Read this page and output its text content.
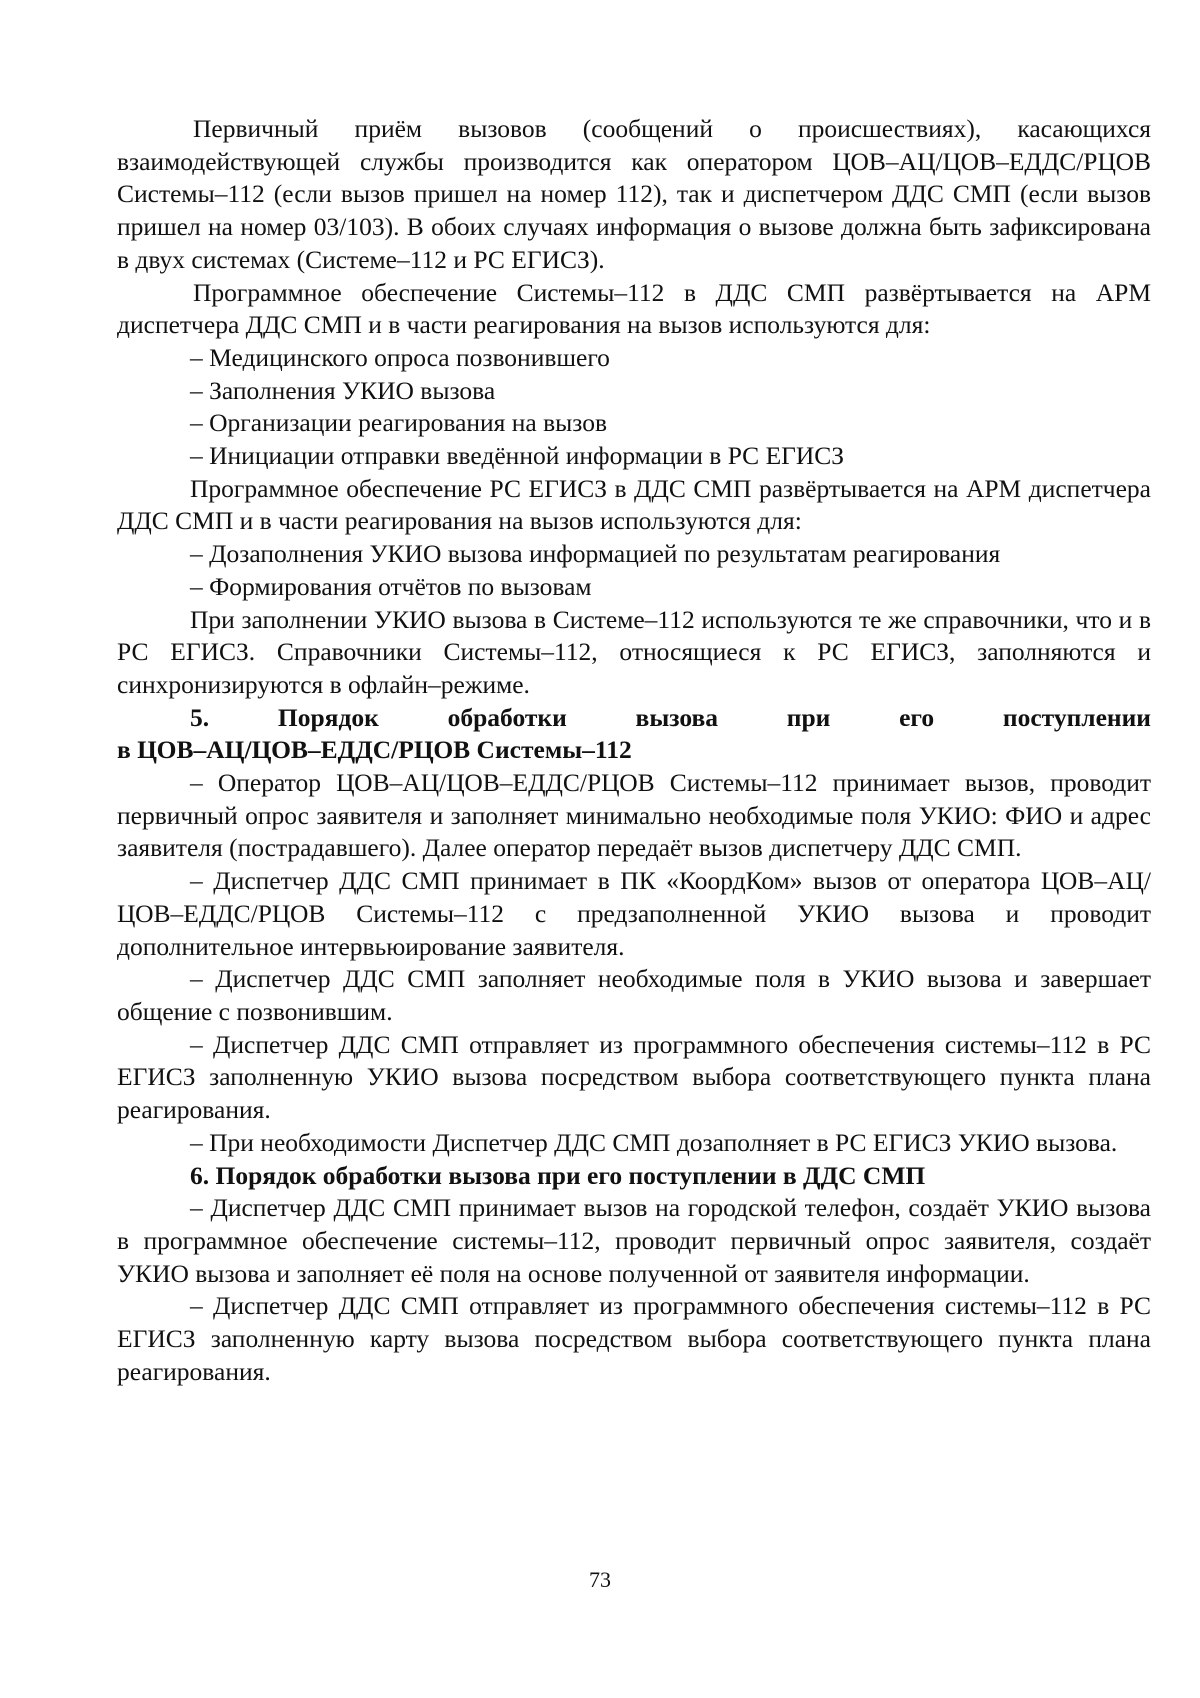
Первичный приём вызовов (сообщений о происшествиях), касающихся взаимодействующей службы производится как оператором ЦОВ–АЦ/ЦОВ–ЕДДС/РЦОВ Системы–112 (если вызов пришел на номер 112), так и диспетчером ДДС СМП (если вызов пришел на номер 03/103). В обоих случаях информация о вызове должна быть зафиксирована в двух системах (Системе–112 и РС ЕГИСЗ).

Программное обеспечение Системы–112 в ДДС СМП развёртывается на АРМ диспетчера ДДС СМП и в части реагирования на вызов используются для:

– Медицинского опроса позвонившего

– Заполнения УКИО вызова

– Организации реагирования на вызов

– Инициации отправки введённой информации в РС ЕГИСЗ

Программное обеспечение РС ЕГИСЗ в ДДС СМП развёртывается на АРМ диспетчера ДДС СМП и в части реагирования на вызов используются для:

– Дозаполнения УКИО вызова информацией по результатам реагирования

– Формирования отчётов по вызовам

При заполнении УКИО вызова в Системе–112 используются те же справочники, что и в РС ЕГИСЗ. Справочники Системы–112, относящиеся к РС ЕГИСЗ, заполняются и синхронизируются в офлайн–режиме.

5. Порядок обработки вызова при его поступлении

в ЦОВ–АЦ/ЦОВ–ЕДДС/РЦОВ Системы–112

– Оператор ЦОВ–АЦ/ЦОВ–ЕДДС/РЦОВ Системы–112 принимает вызов, проводит первичный опрос заявителя и заполняет минимально необходимые поля УКИО: ФИО и адрес заявителя (пострадавшего). Далее оператор передаёт вызов диспетчеру ДДС СМП.

– Диспетчер ДДС СМП принимает в ПК «КоордКом» вызов от оператора ЦОВ–АЦ/ЦОВ–ЕДДС/РЦОВ Системы–112 с предзаполненной УКИО вызова и проводит дополнительное интервьюирование заявителя.

– Диспетчер ДДС СМП заполняет необходимые поля в УКИО вызова и завершает общение с позвонившим.

– Диспетчер ДДС СМП отправляет из программного обеспечения системы–112 в РС ЕГИСЗ заполненную УКИО вызова посредством выбора соответствующего пункта плана реагирования.

– При необходимости Диспетчер ДДС СМП дозаполняет в РС ЕГИСЗ УКИО вызова.

6. Порядок обработки вызова при его поступлении в ДДС СМП

– Диспетчер ДДС СМП принимает вызов на городской телефон, создаёт УКИО вызова в программное обеспечение системы–112, проводит первичный опрос заявителя, создаёт УКИО вызова и заполняет её поля на основе полученной от заявителя информации.

– Диспетчер ДДС СМП отправляет из программного обеспечения системы–112 в РС ЕГИСЗ заполненную карту вызова посредством выбора соответствующего пункта плана реагирования.

73
